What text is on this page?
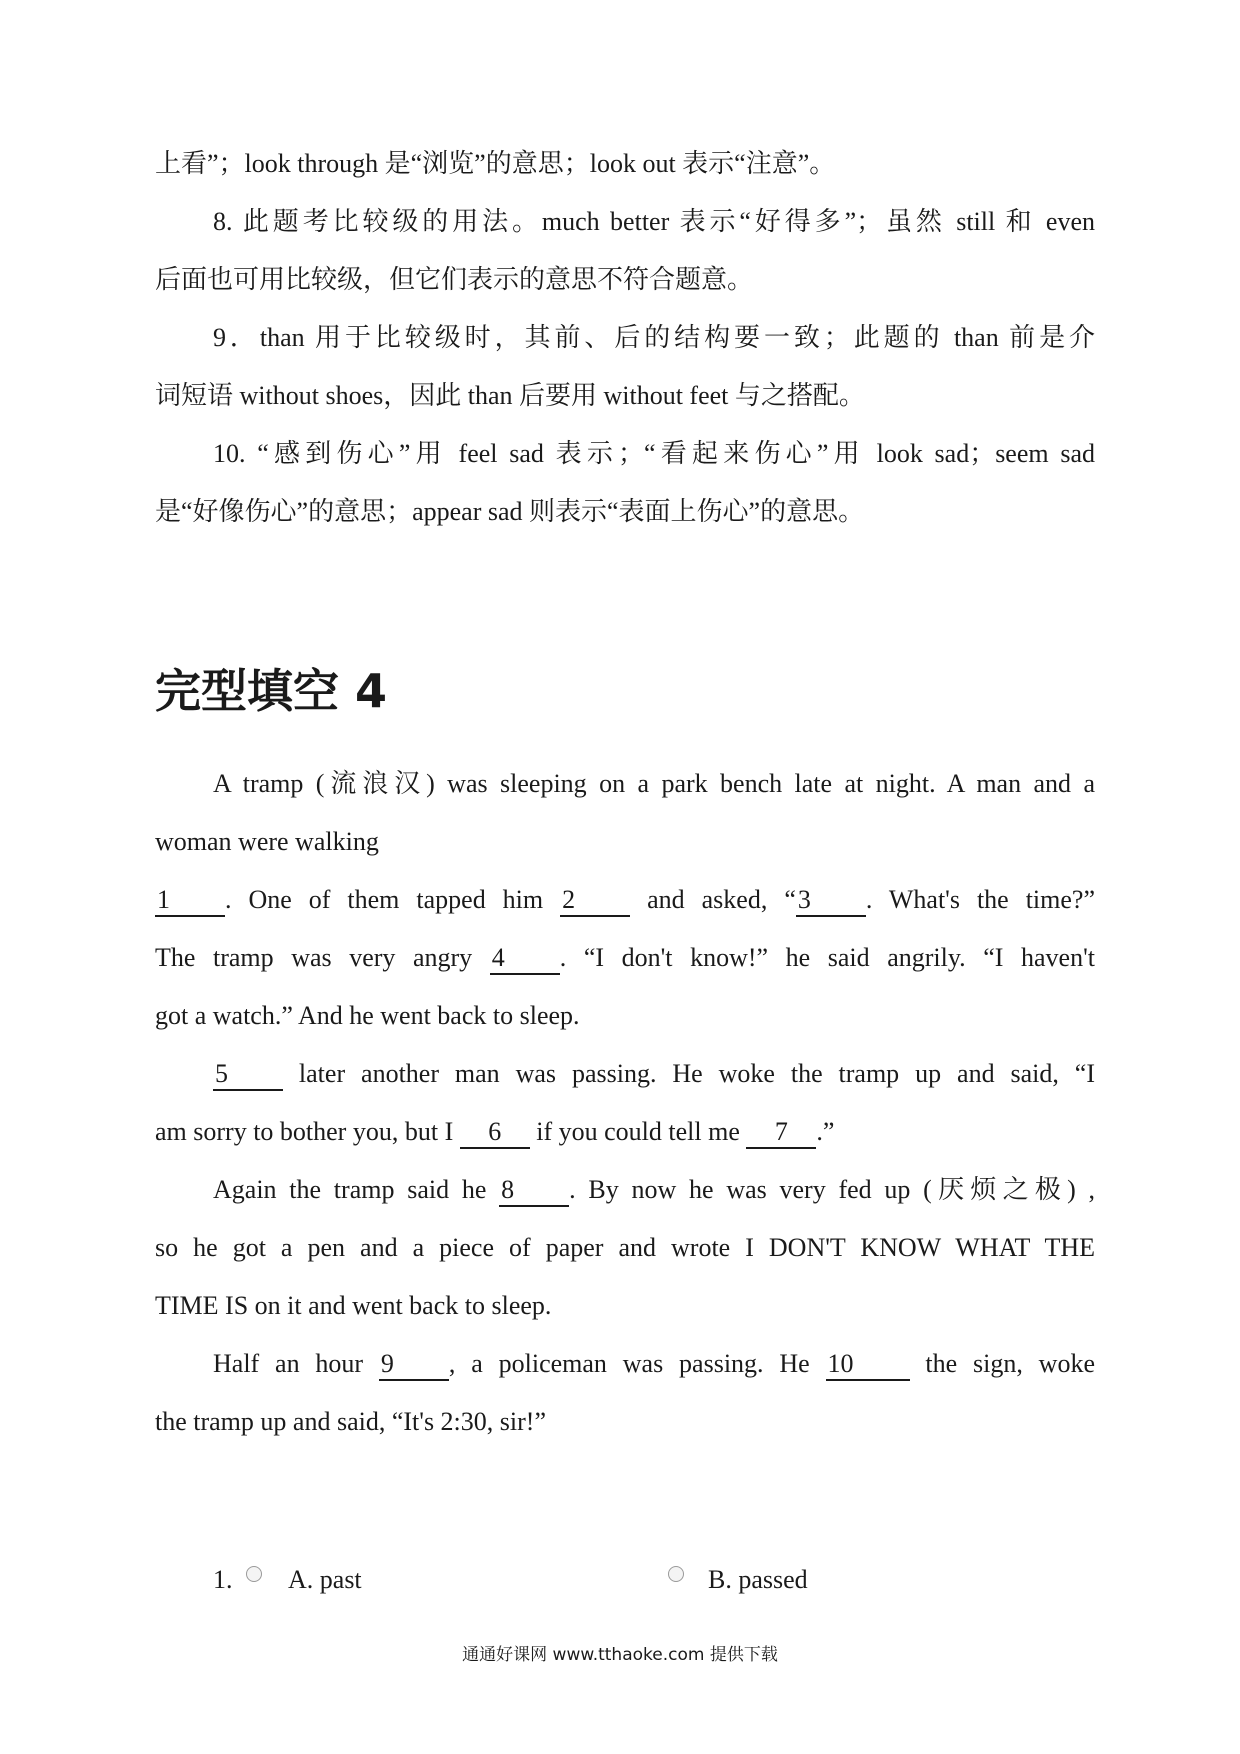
上看”；look through 是“浏览”的意思；look out 表示“注意”。
8. 此题考比较级的用法。much better 表示“好得多”；虽然 still 和 even
后面也可用比较级，但它们表示的意思不符合题意。
9．than 用于比较级时，其前、后的结构要一致；此题的 than 前是介
词短语 without shoes，因此 than 后要用 without feet 与之搭配。
10. “感到伤心”用 feel sad 表示；“看起来伤心”用 look sad；seem sad
是“好像伤心”的意思；appear sad 则表示“表面上伤心”的意思。
完型填空 4
A tramp (流浪汉) was sleeping on a park bench late at night. A man and a
woman were walking
1 . One of them tapped him 2	and asked, “3 . What's the time?”
The tramp was very angry 4 . “I don't know!” he said angrily. “I haven't
got a watch.” And he went back to sleep.
5	later another man was passing. He woke the tramp up and said, “I
am sorry to bother you, but I 6 if you could tell me 7 .”
Again the tramp said he 8 . By now he was very fed up (厌烦之极) ,
so he got a pen and a piece of paper and wrote I DON'T KNOW WHAT THE
TIME IS on it and went back to sleep.
Half an hour 9 , a policeman was passing. He 10	the sign, woke
the tramp up and said, “It's 2:30, sir!”
1. A. past	B. passed
通通好课网 www.tthaoke.com 提供下载
